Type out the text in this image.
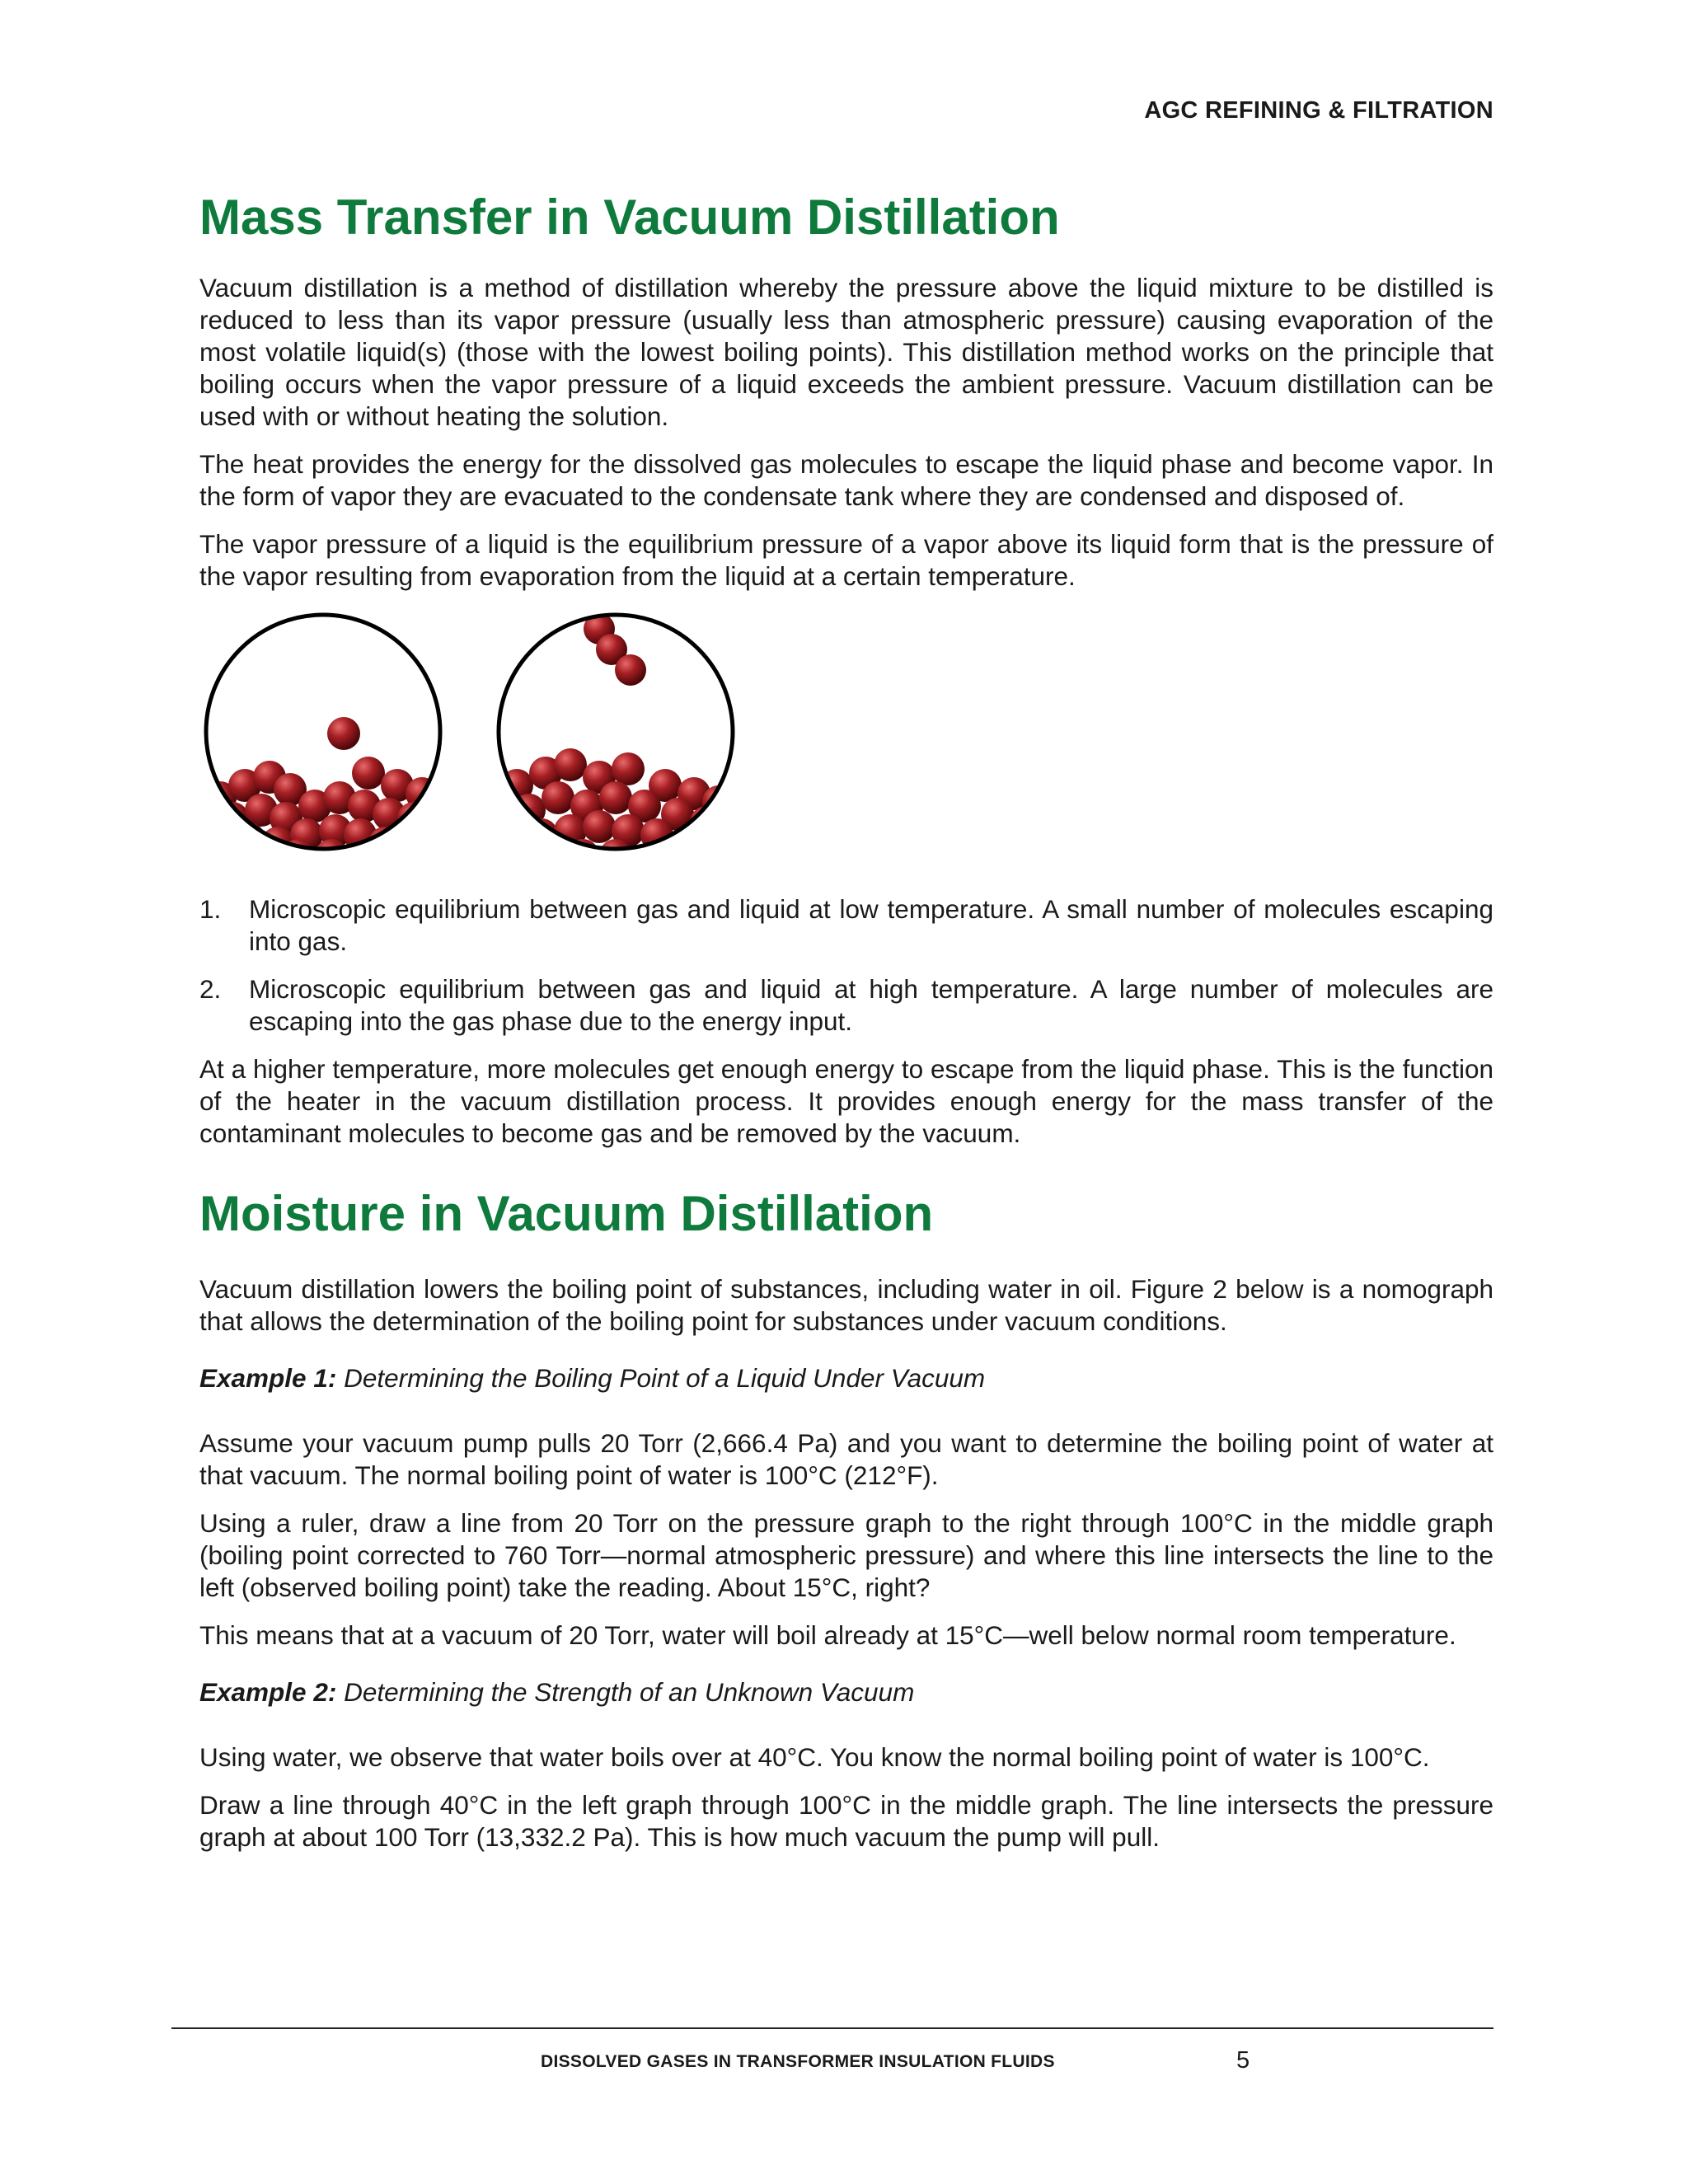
AGC REFINING & FILTRATION
Mass Transfer in Vacuum Distillation

Vacuum distillation is a method of distillation whereby the pressure above the liquid mixture to be distilled is reduced to less than its vapor pressure (usually less than atmospheric pressure) causing evaporation of the most volatile liquid(s) (those with the lowest boiling points). This distillation method works on the principle that boiling occurs when the vapor pressure of a liquid exceeds the ambient pressure. Vacuum distillation can be used with or without heating the solution.

The heat provides the energy for the dissolved gas molecules to escape the liquid phase and become vapor. In the form of vapor they are evacuated to the condensate tank where they are condensed and disposed of.

The vapor pressure of a liquid is the equilibrium pressure of a vapor above its liquid form that is the pressure of the vapor resulting from evaporation from the liquid at a certain temperature.

1. Microscopic equilibrium between gas and liquid at low temperature. A small number of molecules escaping into gas.
2. Microscopic equilibrium between gas and liquid at high temperature. A large number of molecules are escaping into the gas phase due to the energy input.

At a higher temperature, more molecules get enough energy to escape from the liquid phase. This is the function of the heater in the vacuum distillation process. It provides enough energy for the mass transfer of the contaminant molecules to become gas and be removed by the vacuum.

Moisture in Vacuum Distillation

Vacuum distillation lowers the boiling point of substances, including water in oil. Figure 2 below is a nomograph that allows the determination of the boiling point for substances under vacuum conditions.

Example 1: Determining the Boiling Point of a Liquid Under Vacuum

Assume your vacuum pump pulls 20 Torr (2,666.4 Pa) and you want to determine the boiling point of water at that vacuum. The normal boiling point of water is 100°C (212°F).

Using a ruler, draw a line from 20 Torr on the pressure graph to the right through 100°C in the middle graph (boiling point corrected to 760 Torr—normal atmospheric pressure) and where this line intersects the line to the left (observed boiling point) take the reading. About 15°C, right?

This means that at a vacuum of 20 Torr, water will boil already at 15°C—well below normal room temperature.

Example 2: Determining the Strength of an Unknown Vacuum

Using water, we observe that water boils over at 40°C. You know the normal boiling point of water is 100°C.

Draw a line through 40°C in the left graph through 100°C in the middle graph. The line intersects the pressure graph at about 100 Torr (13,332.2 Pa). This is how much vacuum the pump will pull.

DISSOLVED GASES IN TRANSFORMER INSULATION FLUIDS	5
